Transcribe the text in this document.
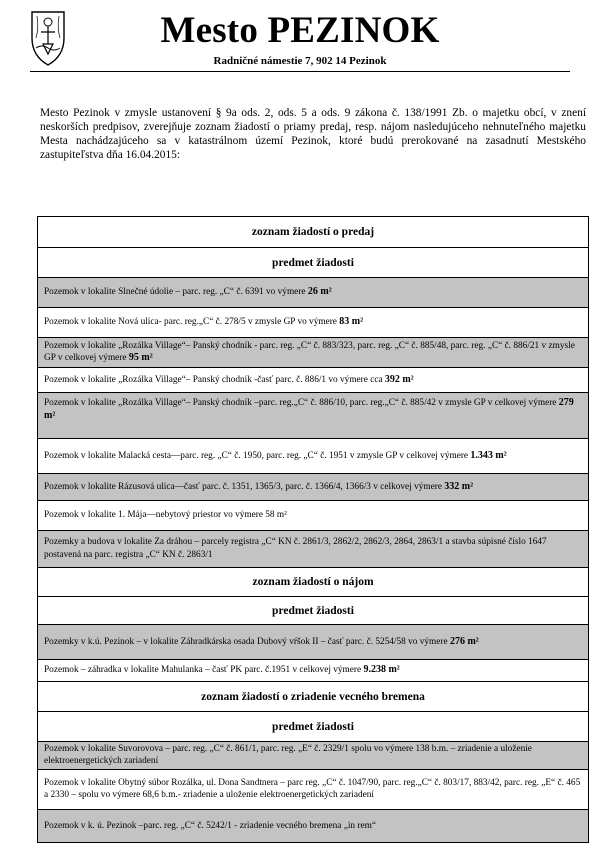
Mesto PEZINOK
Radničné námestie 7, 902 14 Pezinok
Mesto Pezinok v zmysle ustanovení § 9a ods. 2, ods. 5 a ods. 9 zákona č. 138/1991 Zb. o majetku obcí, v znení neskorších predpisov, zverejňuje zoznam žiadostí o priamy predaj, resp. nájom nasledujúceho nehnuteľného majetku Mesta nachádzajúceho sa v katastrálnom území Pezinok, ktoré budú prerokované na zasadnutí Mestského zastupiteľstva dňa 16.04.2015:
zoznam žiadostí o predaj
predmet žiadosti
Pozemok v lokalite Slnečné údolie – parc. reg. „C“ č. 6391 vo výmere 26 m²
Pozemok v lokalite Nová ulica- parc. reg.„C“ č. 278/5 v zmysle GP vo výmere 83 m²
Pozemok v lokalite „Rozálka Village“– Panský chodník - parc. reg. „C“ č. 883/323, parc. reg. „C“ č. 885/48, parc. reg. „C“ č. 886/21 v zmysle GP v celkovej výmere 95 m²
Pozemok v lokalite „Rozálka Village“– Panský chodník -časť parc. č. 886/1 vo výmere cca 392 m²
Pozemok v lokalite „Rozálka Village“– Panský chodník –parc. reg.„C“ č. 886/10, parc. reg.„C“ č. 885/42 v zmysle GP v celkovej výmere 279 m²
Pozemok v lokalite Malacká cesta—parc. reg. „C“ č. 1950, parc. reg. „C“ č. 1951 v zmysle GP v celkovej výmere 1.343 m²
Pozemok v lokalite Rázusová ulica—časť parc. č. 1351, 1365/3, parc. č. 1366/4, 1366/3 v celkovej výmere 332 m²
Pozemok v lokalite 1. Mája—nebytový priestor vo výmere 58 m²
Pozemky a budova v lokalite Za dráhou – parcely registra „C“ KN č. 2861/3, 2862/2, 2862/3, 2864, 2863/1 a stavba súpisné číslo 1647 postavená na parc. registra „C“ KN č. 2863/1
zoznam žiadostí o nájom
predmet žiadosti
Pozemky v k.ú. Pezinok – v lokalite Záhradkárska osada Dubový vŕšok II – časť parc. č. 5254/58 vo výmere 276 m²
Pozemok – záhradka v lokalite Mahulanka – časť PK parc. č.1951 v celkovej výmere 9.238 m²
zoznam žiadostí o zriadenie vecného bremena
predmet žiadosti
Pozemok v lokalite Suvorovova – parc. reg. „C“ č. 861/1, parc. reg. „E“ č. 2329/1 spolu vo výmere 138 b.m. – zriadenie a uloženie elektroenergetických zariadení
Pozemok v lokalite Obytný súbor Rozálka, ul. Dona Sandtnera – parc reg. „C“ č. 1047/90, parc. reg.„C“ č. 803/17, 883/42, parc. reg. „E“ č. 465 a 2330 – spolu vo výmere 68,6 b.m.- zriadenie a uloženie elektroenergetických zariadení
Pozemok v k. ú. Pezinok –parc. reg. „C“ č. 5242/1 - zriadenie vecného bremena „in rem“
